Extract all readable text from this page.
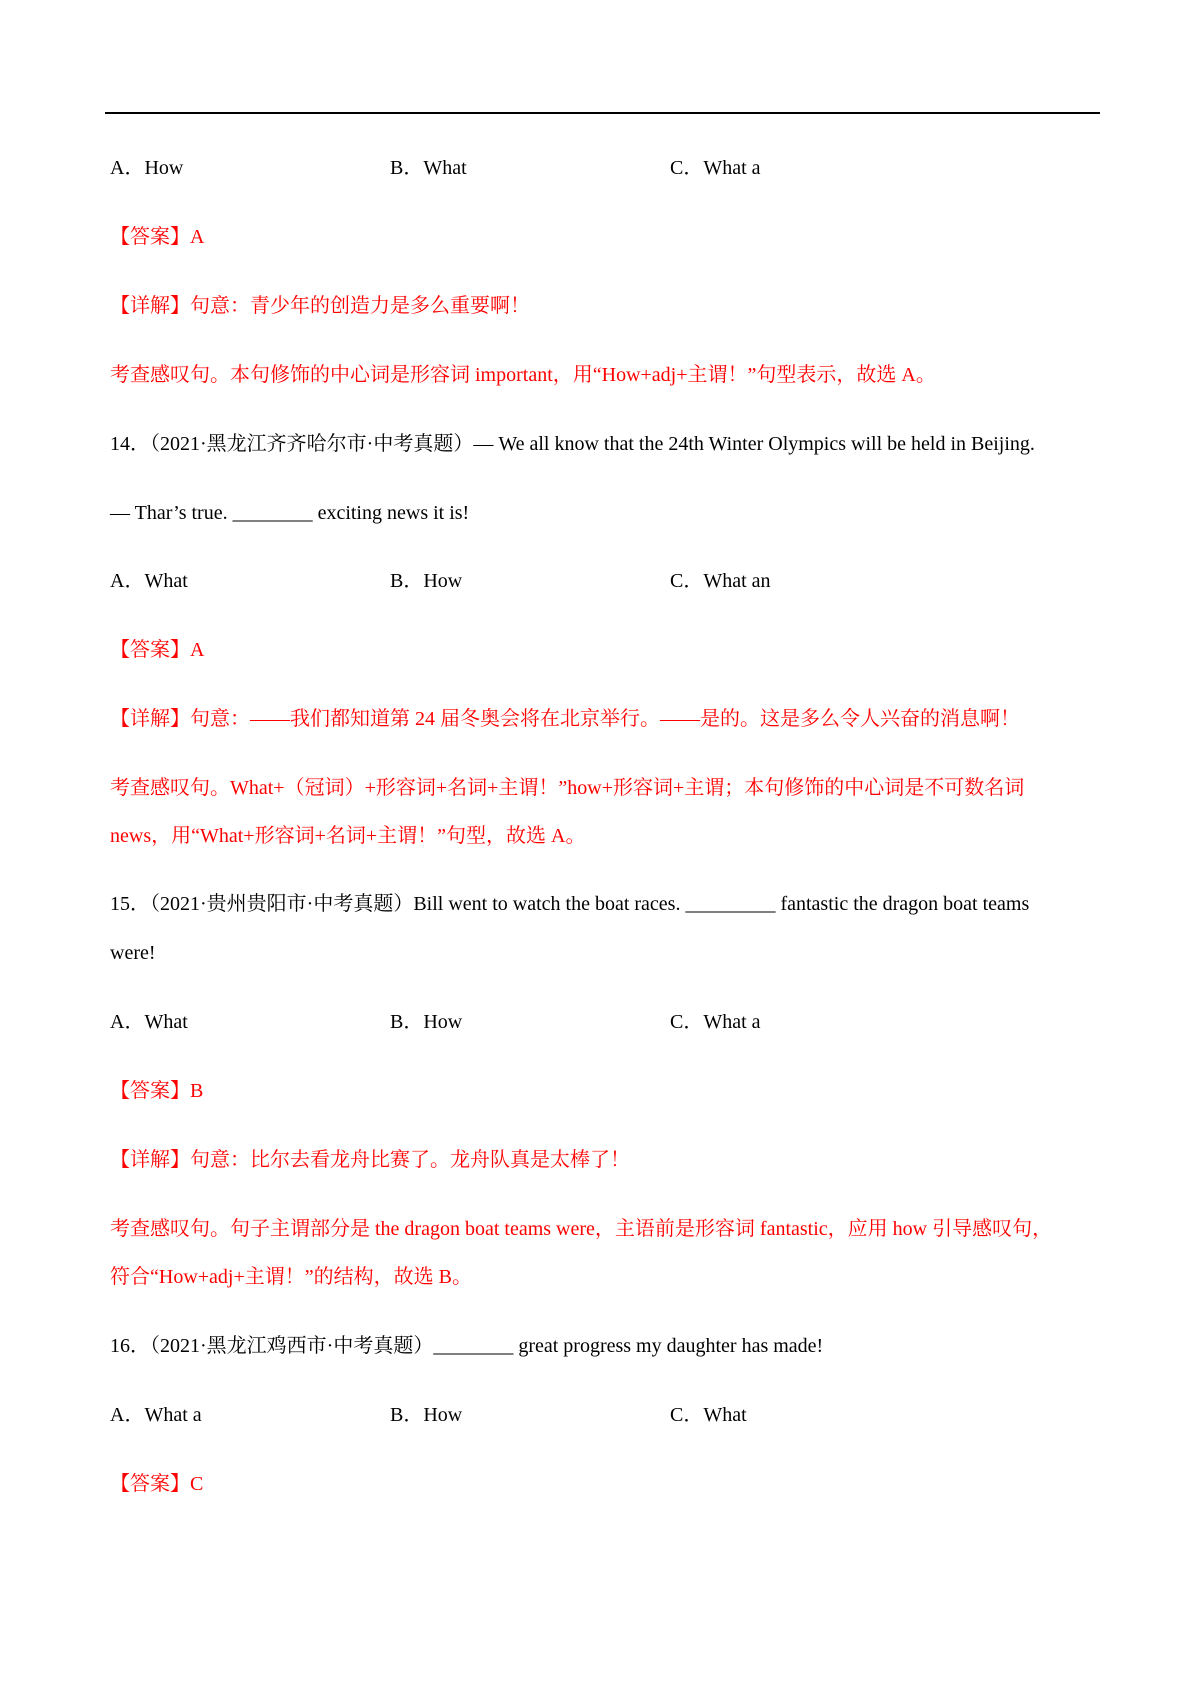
A．How	B．What	C．What a
【答案】A
【详解】句意：青少年的创造力是多么重要啊！
考查感叹句。本句修饰的中心词是形容词 important，用“How+adj+主谓！”句型表示，故选 A。
14．（2021·黑龙江齐齐哈尔市·中考真题）— We all know that the 24th Winter Olympics will be held in Beijing.
— Thar’s true. ________ exciting news it is!
A．What	B．How	C．What an
【答案】A
【详解】句意：——我们都知道第 24 届冬奥会将在北京举行。——是的。这是多么令人兴奋的消息啊！
考查感叹句。What+（冠词）+形容词+名词+主谓！”how+形容词+主谓；本句修饰的中心词是不可数名词
news，用“What+形容词+名词+主谓！”句型，故选 A。
15．（2021·贵州贵阳市·中考真题）Bill went to watch the boat races. _________ fantastic the dragon boat teams
were!
A．What	B．How	C．What a
【答案】B
【详解】句意：比尔去看龙舟比赛了。龙舟队真是太棒了！
考查感叹句。句子主谓部分是 the dragon boat teams were，主语前是形容词 fantastic，应用 how 引导感叹句，
符合“How+adj+主谓！”的结构，故选 B。
16．（2021·黑龙江鸡西市·中考真题）________ great progress my daughter has made!
A．What a	B．How	C．What
【答案】C
